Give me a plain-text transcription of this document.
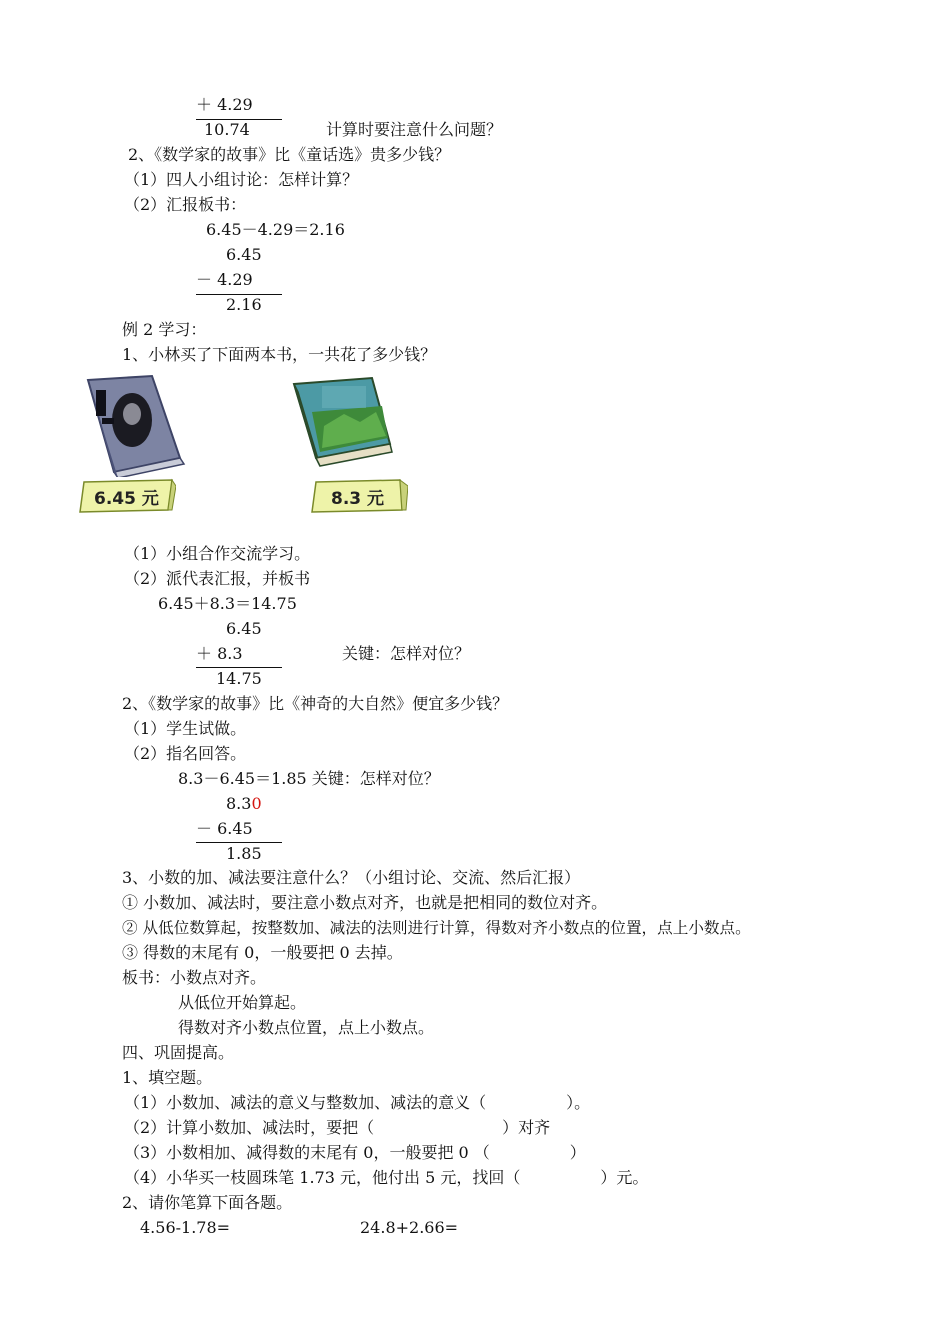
＋ 4.29
10.74	计算时要注意什么问题？
2、《数学家的故事》比《童话选》贵多少钱？
（1）四人小组讨论：怎样计算？
（2）汇报板书：
6.45－4.29＝2.16
6.45
－ 4.29
2.16
例 2 学习：
1、小林买了下面两本书，一共花了多少钱？
6.45 元	8.3 元
（1）小组合作交流学习。
（2）派代表汇报，并板书
6.45＋8.3＝14.75
6.45
＋ 8.3	关键：怎样对位？
14.75
2、《数学家的故事》比《神奇的大自然》便宜多少钱？
（1）学生试做。
（2）指名回答。
8.3－6.45＝1.85 关键：怎样对位？
8.30
－ 6.45
1.85
3、小数的加、减法要注意什么？（小组讨论、交流、然后汇报）
① 小数加、减法时，要注意小数点对齐，也就是把相同的数位对齐。
② 从低位数算起，按整数加、减法的法则进行计算，得数对齐小数点的位置，点上小数点。
③ 得数的末尾有 0，一般要把 0 去掉。
板书：小数点对齐。
从低位开始算起。
得数对齐小数点位置，点上小数点。
四、巩固提高。
1、填空题。
（1）小数加、减法的意义与整数加、减法的意义（　　　　　）。
（2）计算小数加、减法时，要把（　　　　　　　　）对齐
（3）小数相加、减得数的末尾有 0，一般要把 0 （　　　　　）
（4）小华买一枝圆珠笔 1.73 元，他付出 5 元，找回（　　　　　）元。
2、请你笔算下面各题。
4.56-1.78=	24.8+2.66=
